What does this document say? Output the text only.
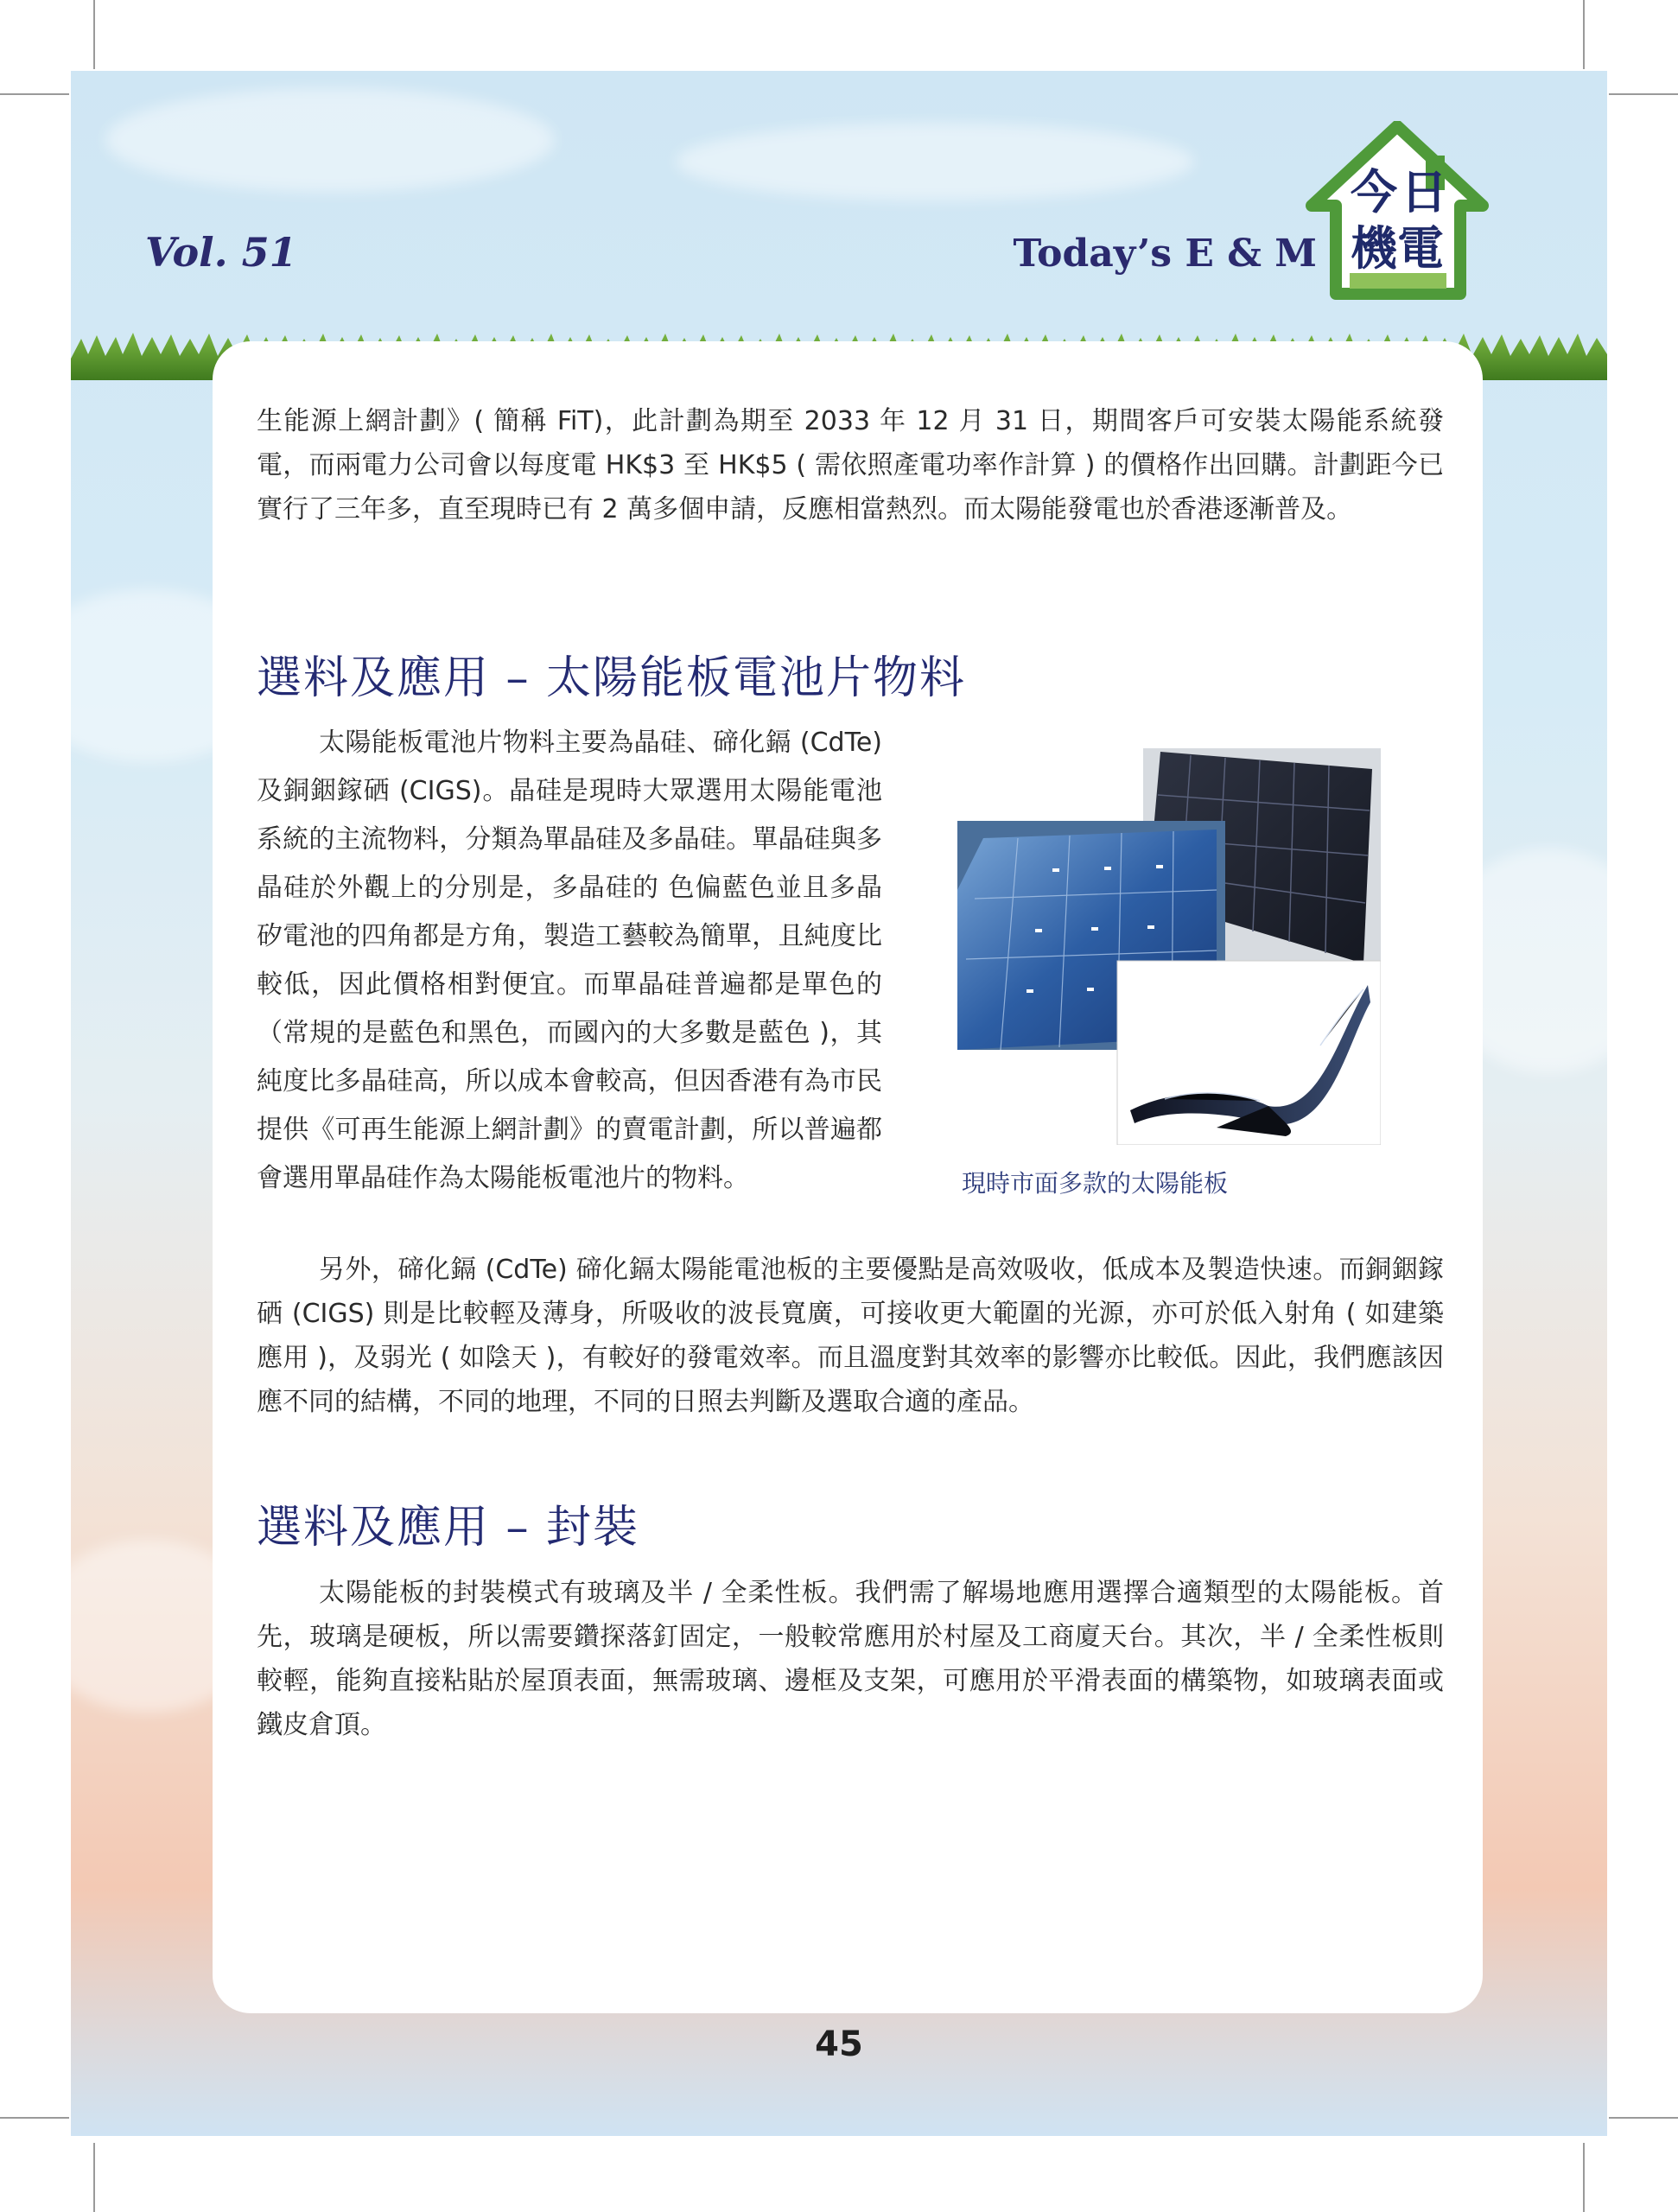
Vol. 51	Today’s E & M
今日
機電
生能源上網計劃》( 簡稱 FiT)，此計劃為期至 2033 年 12 月 31 日，期間客戶可安裝太陽能系統發電，而兩電力公司會以每度電 HK$3 至 HK$5 ( 需依照產電功率作計算 ) 的價格作出回購。計劃距今已實行了三年多，直至現時已有 2 萬多個申請，反應相當熱烈。而太陽能發電也於香港逐漸普及。
選料及應用 – 太陽能板電池片物料
太陽能板電池片物料主要為晶硅、碲化鎘 (CdTe) 及銅銦鎵硒 (CIGS)。晶硅是現時大眾選用太陽能電池系統的主流物料，分類為單晶硅及多晶硅。單晶硅與多晶硅於外觀上的分別是，多晶硅的 色偏藍色並且多晶矽電池的四角都是方角，製造工藝較為簡單，且純度比較低，因此價格相對便宜。而單晶硅普遍都是單色的（常規的是藍色和黑色，而國內的大多數是藍色 )，其純度比多晶硅高，所以成本會較高，但因香港有為市民提供《可再生能源上網計劃》的賣電計劃，所以普遍都會選用單晶硅作為太陽能板電池片的物料。	現時市面多款的太陽能板
另外，碲化鎘 (CdTe) 碲化鎘太陽能電池板的主要優點是高效吸收，低成本及製造快速。而銅銦鎵硒 (CIGS) 則是比較輕及薄身，所吸收的波長寬廣，可接收更大範圍的光源，亦可於低入射角 ( 如建築應用 )，及弱光 ( 如陰天 )，有較好的發電效率。而且溫度對其效率的影響亦比較低。因此，我們應該因應不同的結構，不同的地理，不同的日照去判斷及選取合適的產品。
選料及應用 – 封裝
太陽能板的封裝模式有玻璃及半 / 全柔性板。我們需了解場地應用選擇合適類型的太陽能板。首先，玻璃是硬板，所以需要鑽探落釘固定，一般較常應用於村屋及工商廈天台。其次，半 / 全柔性板則較輕，能夠直接粘貼於屋頂表面，無需玻璃、邊框及支架，可應用於平滑表面的構築物，如玻璃表面或鐵皮倉頂。
45
